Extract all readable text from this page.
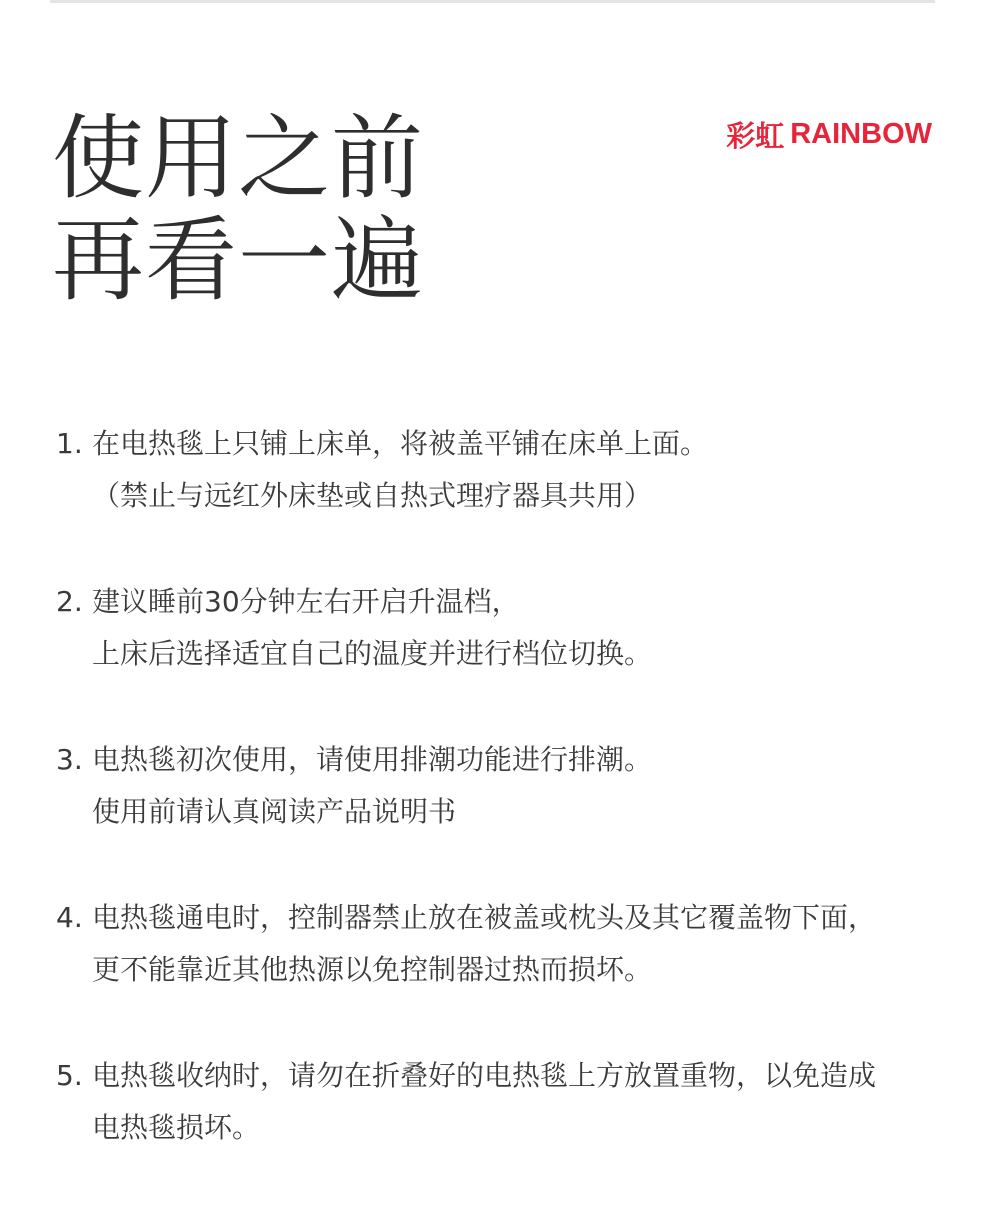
使用之前
再看一遍
彩虹 RAINBOW
1. 在电热毯上只铺上床单，将被盖平铺在床单上面。
（禁止与远红外床垫或自热式理疗器具共用）
2. 建议睡前30分钟左右开启升温档，
上床后选择适宜自己的温度并进行档位切换。
3. 电热毯初次使用，请使用排潮功能进行排潮。
使用前请认真阅读产品说明书
4. 电热毯通电时，控制器禁止放在被盖或枕头及其它覆盖物下面，
更不能靠近其他热源以免控制器过热而损坏。
5. 电热毯收纳时，请勿在折叠好的电热毯上方放置重物，以免造成
电热毯损坏。
